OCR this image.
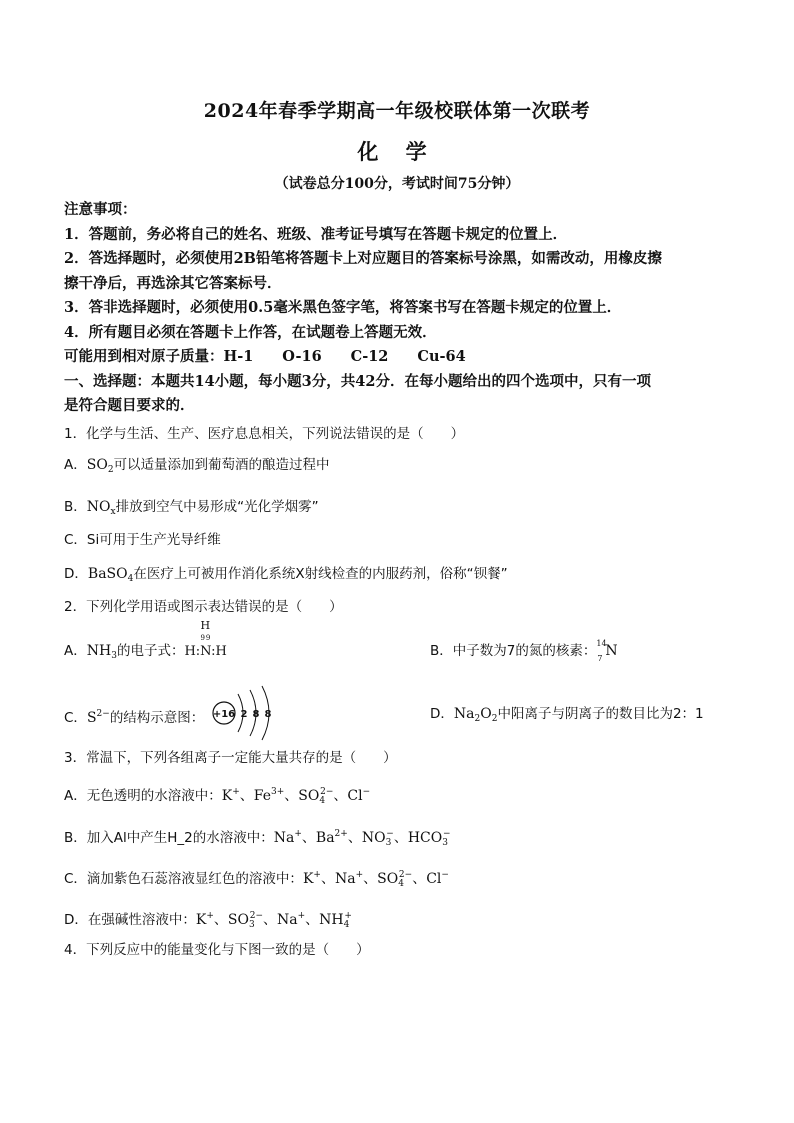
2024年春季学期高一年级校联体第一次联考
化 学
（试卷总分100分，考试时间75分钟）

注意事项：

1．答题前，务必将自己的姓名、班级、准考证号填写在答题卡规定的位置上．

2．答选择题时，必须使用2B铅笔将答题卡上对应题目的答案标号涂黑，如需改动，用橡皮擦

擦干净后，再选涂其它答案标号．

3．答非选择题时，必须使用0.5毫米黑色签字笔，将答案书写在答题卡规定的位置上．

4．所有题目必须在答题卡上作答，在试题卷上答题无效．

可能用到相对原子质量：H-1　　O-16　　C-12　　Cu-64

一、选择题：本题共14小题，每小题3分，共42分．在每小题给出的四个选项中，只有一项

是符合题目要求的．

1．化学与生活、生产、医疗息息相关，下列说法错误的是（　　）
A．$SO_2$可以适量添加到葡萄酒的酿造过程中
B．$NO_x$排放到空气中易形成“光化学烟雾”
C．Si可用于生产光导纤维
D．BaSO$_4$在医疗上可被用作消化系统X射线检查的内服药剂，俗称“钡餐”
2．下列化学用语或图示表达错误的是（　　）
A．$NH_3$的电子式：
H
99
H:N:H	B．中子数为7的氮的核素： 14
7 N
C．$S^{2-}$的结构示意图： +16 2 8 8	D．$Na_2O_2$中阳离子与阴离子的数目比为2：1
3．常温下，下列各组离子一定能大量共存的是（　　）
A．无色透明的水溶液中：K+、$Fe^{3+}$、$SO_4^{2-}$、Cl−
B．加入Al中产生H_2的水溶液中：Na+、$Ba^{2+}$、$NO_3^-$、$HCO_3^-$
C．滴加紫色石蕊溶液显红色的溶液中：K+、Na+、$SO_4^{2-}$、Cl−
D．在强碱性溶液中：K+、$SO_3^{2-}$、Na+、$NH_4^+$
4．下列反应中的能量变化与下图一致的是（　　）
